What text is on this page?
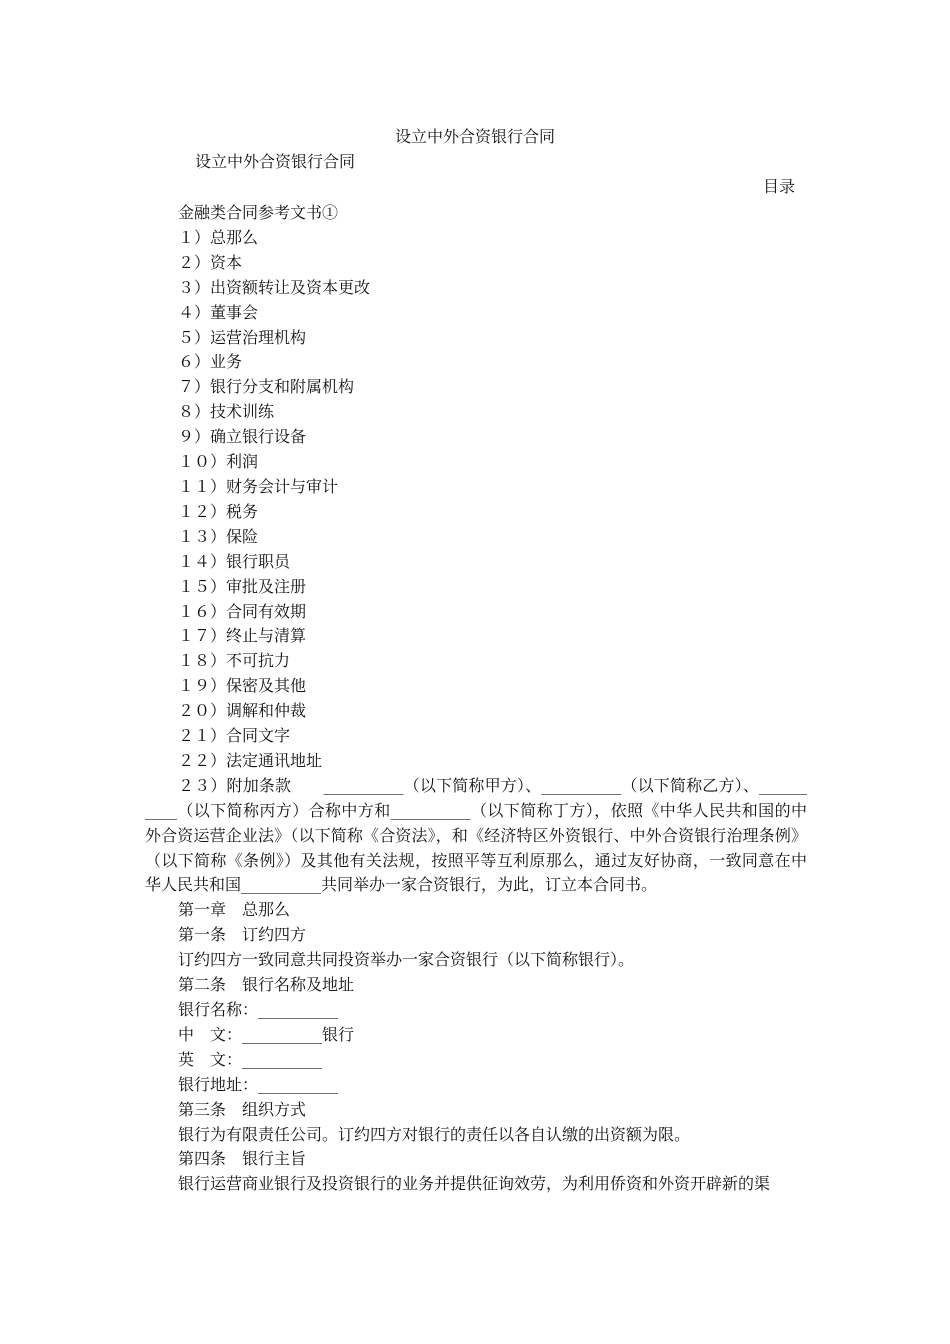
设立中外合资银行合同
设立中外合资银行合同
目录
金融类合同参考文书①
１）总那么
２）资本
３）出资额转让及资本更改
４）董事会
５）运营治理机构
６）业务
７）银行分支和附属机构
８）技术训练
９）确立银行设备
１０）利润
１１）财务会计与审计
１２）税务
１３）保险
１４）银行职员
１５）审批及注册
１６）合同有效期
１７）终止与清算
１８）不可抗力
１９）保密及其他
２０）调解和仲裁
２１）合同文字
２２）法定通讯地址
２３）附加条款　　__________（以下简称甲方）、__________（以下简称乙方）、__________（以下简称丙方）合称中方和__________（以下简称丁方），依照《中华人民共和国的中外合资运营企业法》（以下简称《合资法》，和《经济特区外资银行、中外合资银行治理条例》（以下简称《条例》）及其他有关法规，按照平等互利原那么，通过友好协商，一致同意在中华人民共和国__________共同举办一家合资银行，为此，订立本合同书。
第一章　总那么
第一条　订约四方
订约四方一致同意共同投资举办一家合资银行（以下简称银行）。
第二条　银行名称及地址
银行名称：__________
中　文：__________银行
英　文：__________
银行地址：__________
第三条　组织方式
银行为有限责任公司。订约四方对银行的责任以各自认缴的出资额为限。
第四条　银行主旨
银行运营商业银行及投资银行的业务并提供征询效劳，为利用侨资和外资开辟新的渠
